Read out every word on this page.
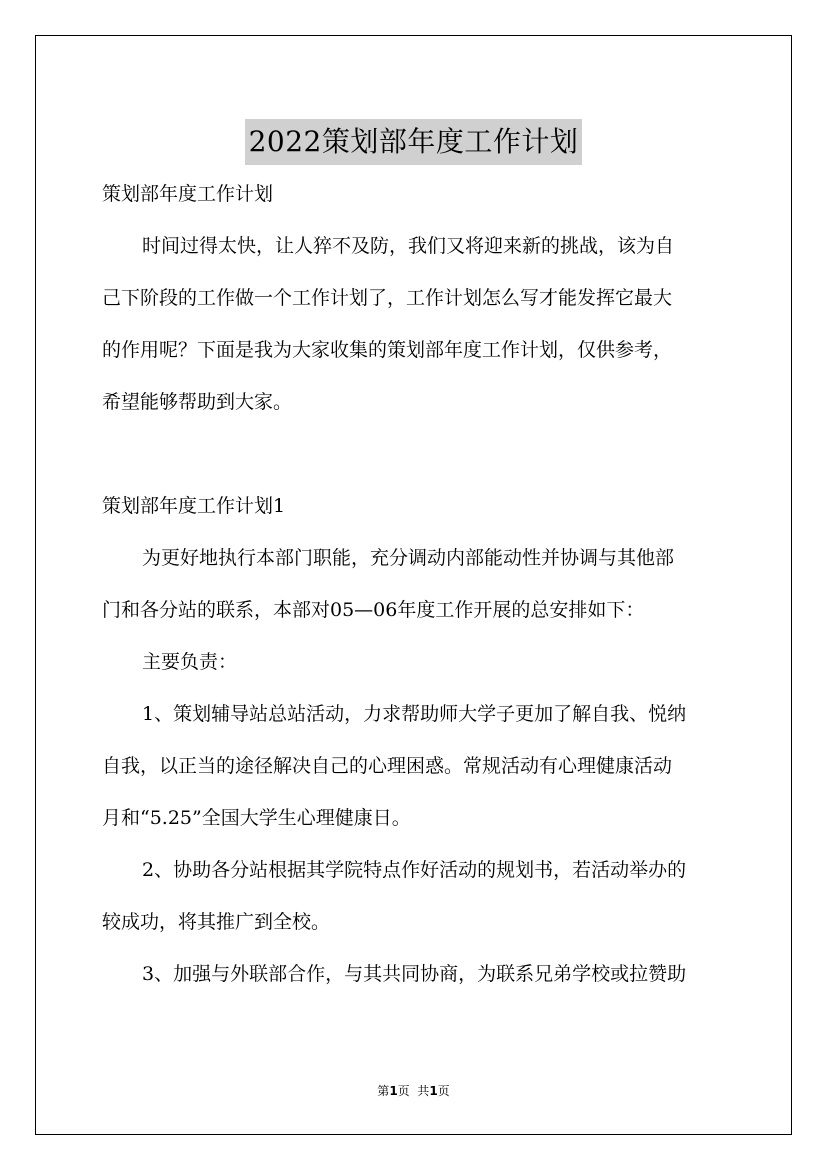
2022策划部年度工作计划
策划部年度工作计划
时间过得太快，让人猝不及防，我们又将迎来新的挑战，该为自
己下阶段的工作做一个工作计划了，工作计划怎么写才能发挥它最大
的作用呢？下面是我为大家收集的策划部年度工作计划，仅供参考，
希望能够帮助到大家。
策划部年度工作计划1
为更好地执行本部门职能，充分调动内部能动性并协调与其他部
门和各分站的联系，本部对05—06年度工作开展的总安排如下：
主要负责：
1、策划辅导站总站活动，力求帮助师大学子更加了解自我、悦纳
自我，以正当的途径解决自己的心理困惑。常规活动有心理健康活动
月和“5.25”全国大学生心理健康日。
2、协助各分站根据其学院特点作好活动的规划书，若活动举办的
较成功，将其推广到全校。
3、加强与外联部合作，与其共同协商，为联系兄弟学校或拉赞助
第1页  共1页
